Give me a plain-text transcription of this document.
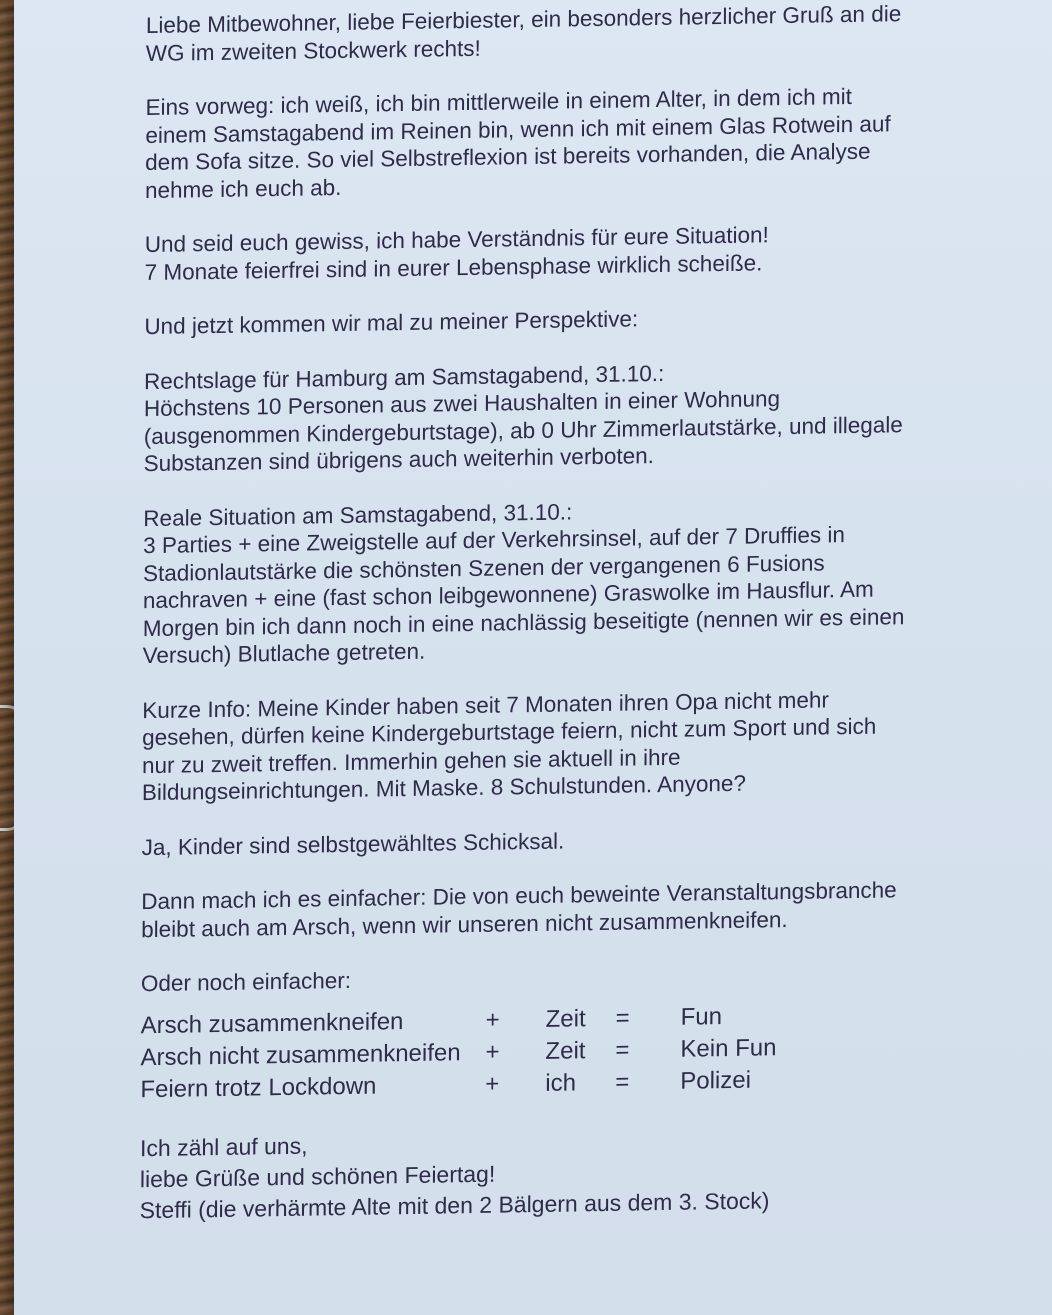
Liebe Mitbewohner, liebe Feierbiester, ein besonders herzlicher Gruß an die
WG im zweiten Stockwerk rechts!
Eins vorweg: ich weiß, ich bin mittlerweile in einem Alter, in dem ich mit
einem Samstagabend im Reinen bin, wenn ich mit einem Glas Rotwein auf
dem Sofa sitze. So viel Selbstreflexion ist bereits vorhanden, die Analyse
nehme ich euch ab.
Und seid euch gewiss, ich habe Verständnis für eure Situation!
7 Monate feierfrei sind in eurer Lebensphase wirklich scheiße.
Und jetzt kommen wir mal zu meiner Perspektive:
Rechtslage für Hamburg am Samstagabend, 31.10.:
Höchstens 10 Personen aus zwei Haushalten in einer Wohnung
(ausgenommen Kindergeburtstage), ab 0 Uhr Zimmerlautstärke, und illegale
Substanzen sind übrigens auch weiterhin verboten.
Reale Situation am Samstagabend, 31.10.:
3 Parties + eine Zweigstelle auf der Verkehrsinsel, auf der 7 Druffies in
Stadionlautstärke die schönsten Szenen der vergangenen 6 Fusions
nachraven + eine (fast schon leibgewonnene) Graswolke im Hausflur. Am
Morgen bin ich dann noch in eine nachlässig beseitigte (nennen wir es einen
Versuch) Blutlache getreten.
Kurze Info: Meine Kinder haben seit 7 Monaten ihren Opa nicht mehr
gesehen, dürfen keine Kindergeburtstage feiern, nicht zum Sport und sich
nur zu zweit treffen. Immerhin gehen sie aktuell in ihre
Bildungseinrichtungen. Mit Maske. 8 Schulstunden. Anyone?
Ja, Kinder sind selbstgewähltes Schicksal.
Dann mach ich es einfacher: Die von euch beweinte Veranstaltungsbranche
bleibt auch am Arsch, wenn wir unseren nicht zusammenkneifen.
Oder noch einfacher:
Arsch zusammenkneifen	+	Zeit	=	Fun
Arsch nicht zusammenkneifen	+	Zeit	=	Kein Fun
Feiern trotz Lockdown	+	ich	=	Polizei
Ich zähl auf uns,
liebe Grüße und schönen Feiertag!
Steffi (die verhärmte Alte mit den 2 Bälgern aus dem 3. Stock)
